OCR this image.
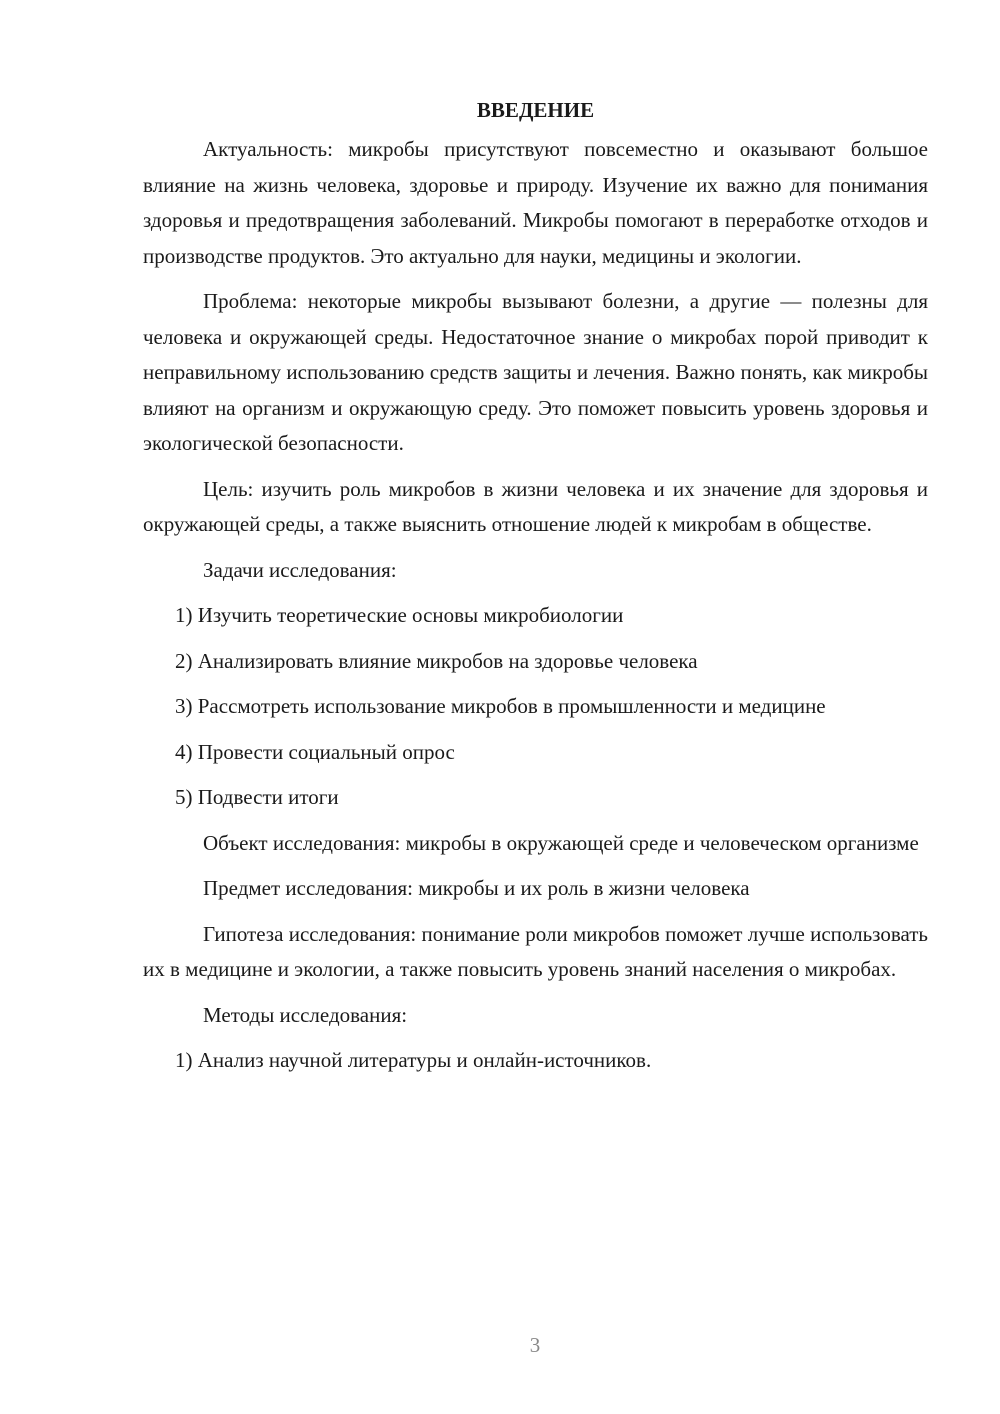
ВВЕДЕНИЕ

Актуальность: микробы присутствуют повсеместно и оказывают большое влияние на жизнь человека, здоровье и природу. Изучение их важно для понимания здоровья и предотвращения заболеваний. Микробы помогают в переработке отходов и производстве продуктов. Это актуально для науки, медицины и экологии.

Проблема: некоторые микробы вызывают болезни, а другие — полезны для человека и окружающей среды. Недостаточное знание о микробах порой приводит к неправильному использованию средств защиты и лечения. Важно понять, как микробы влияют на организм и окружающую среду. Это поможет повысить уровень здоровья и экологической безопасности.

Цель: изучить роль микробов в жизни человека и их значение для здоровья и окружающей среды, а также выяснить отношение людей к микробам в обществе.

Задачи исследования:

1) Изучить теоретические основы микробиологии

2) Анализировать влияние микробов на здоровье человека

3) Рассмотреть использование микробов в промышленности и медицине

4) Провести социальный опрос

5) Подвести итоги

Объект исследования: микробы в окружающей среде и человеческом организме

Предмет исследования: микробы и их роль в жизни человека

Гипотеза исследования: понимание роли микробов поможет лучше использовать их в медицине и экологии, а также повысить уровень знаний населения о микробах.

Методы исследования:

1) Анализ научной литературы и онлайн-источников.

3
